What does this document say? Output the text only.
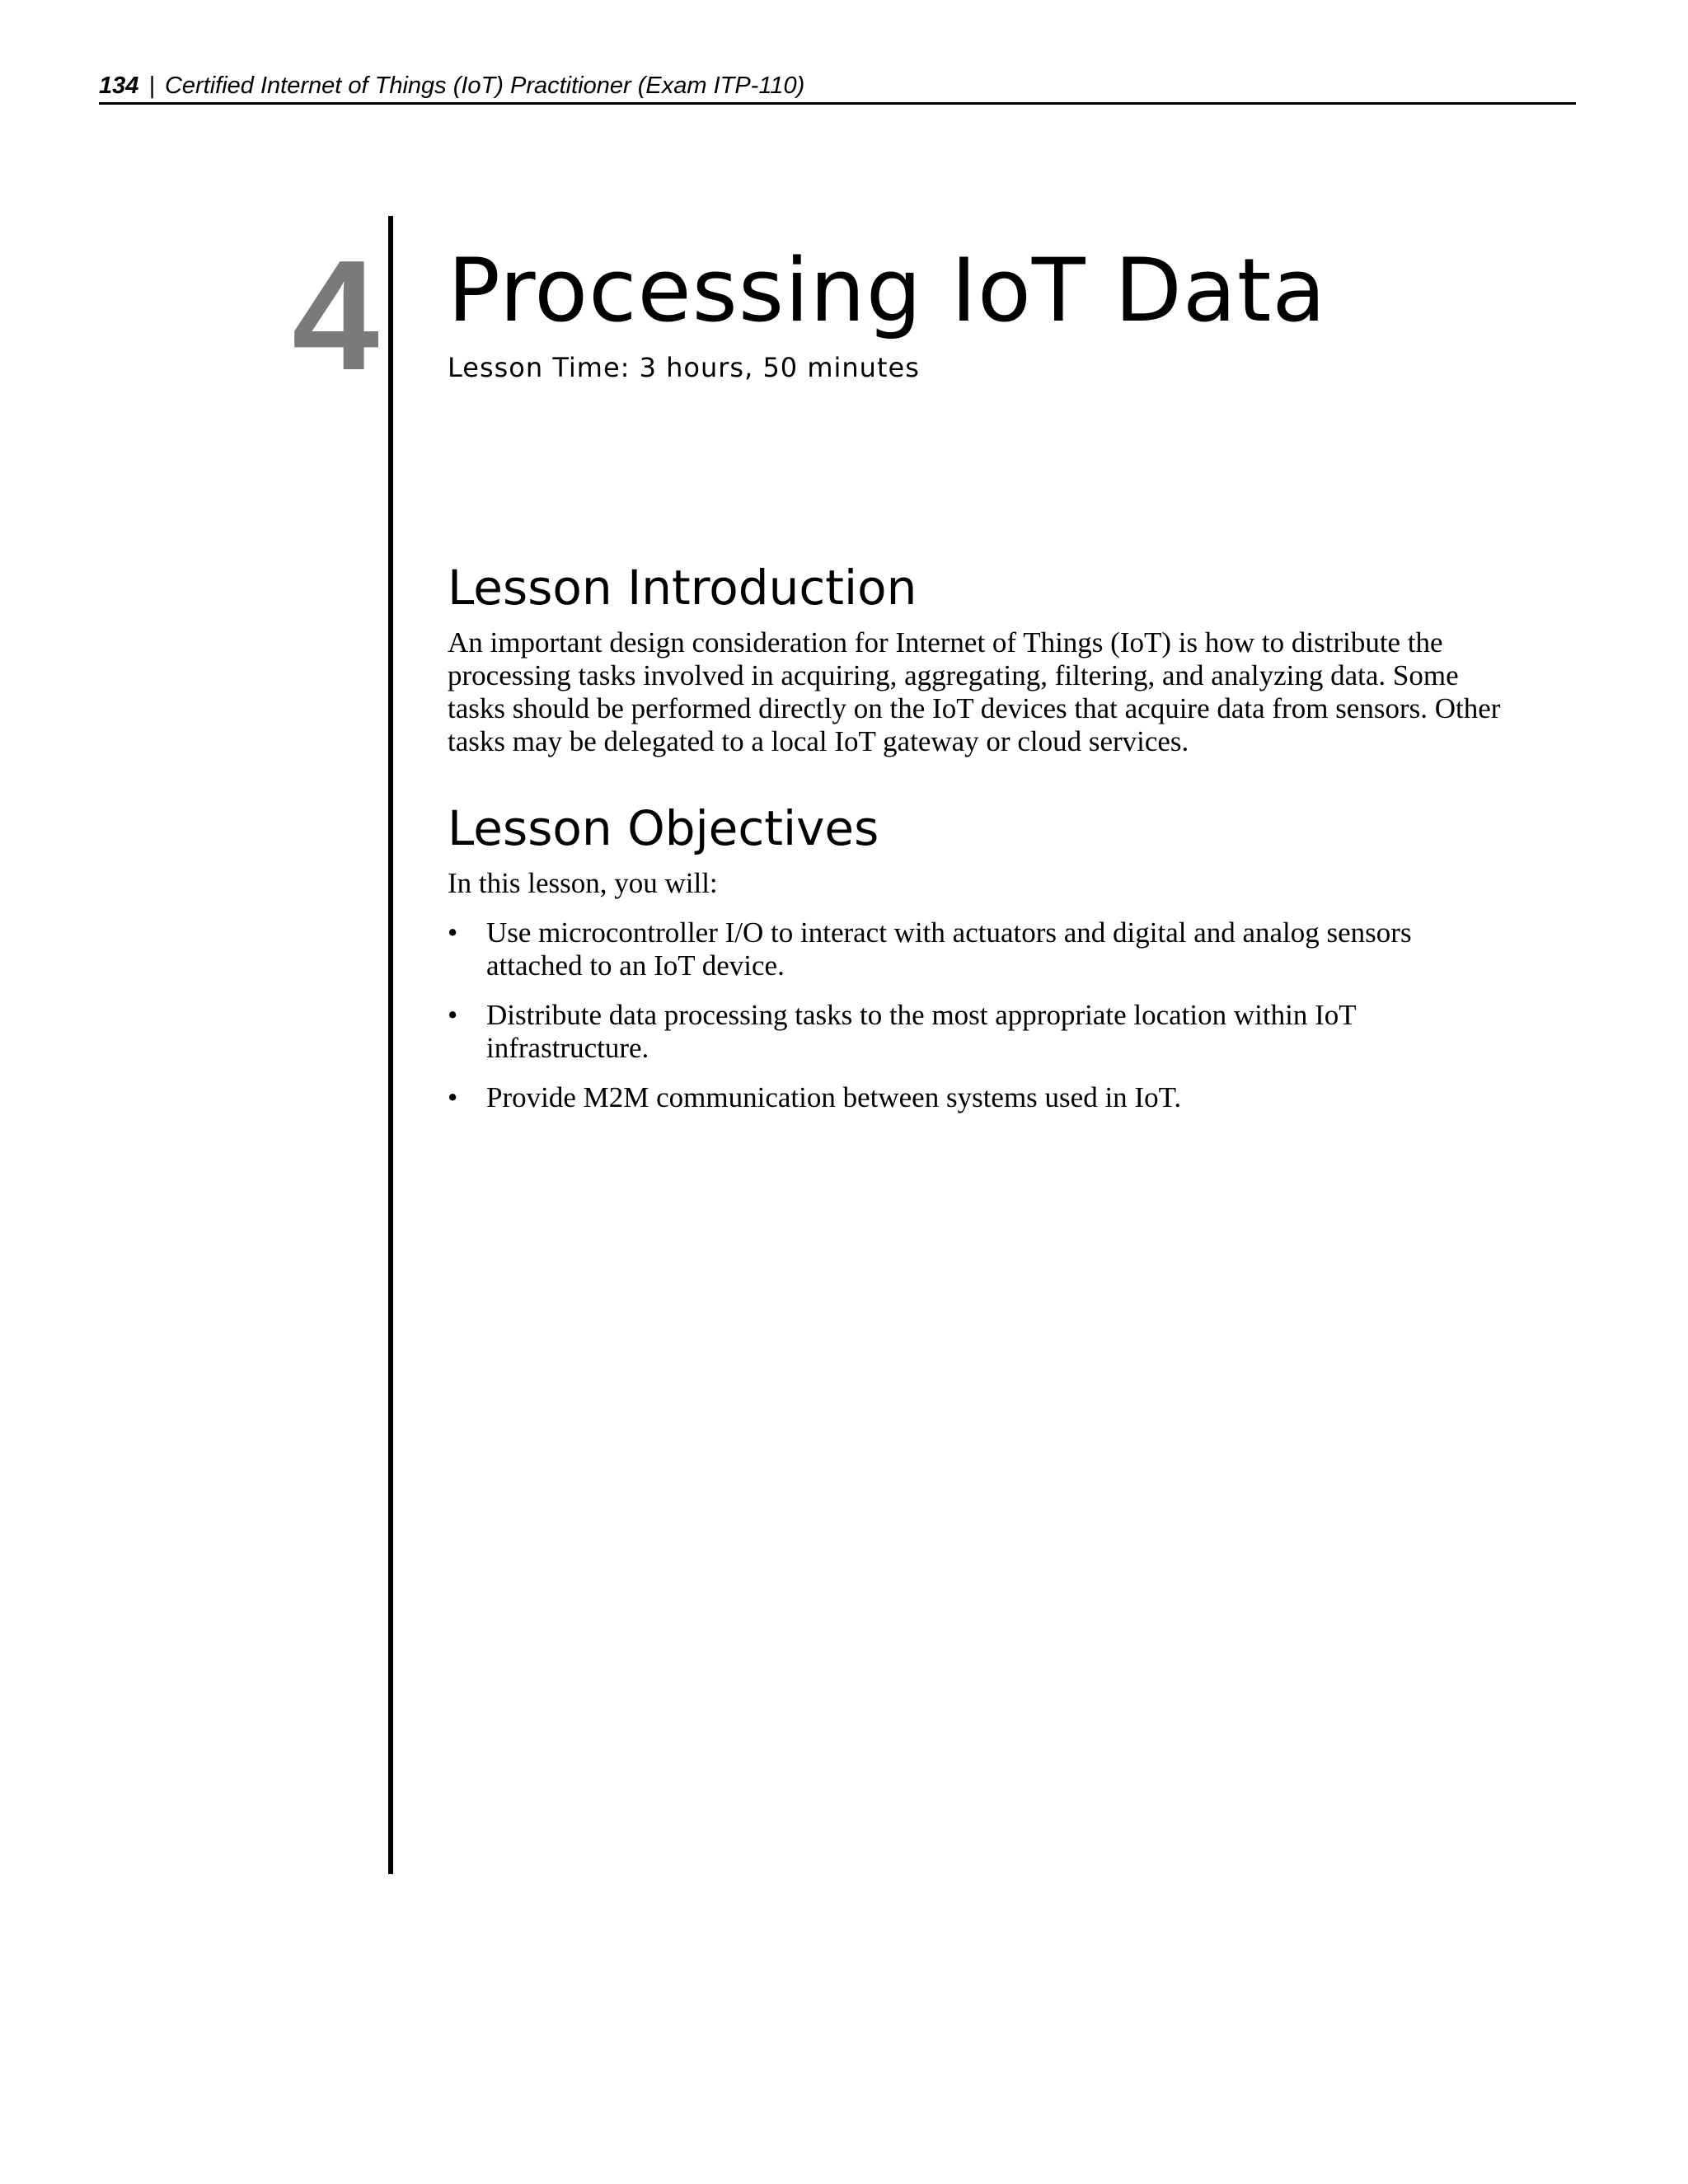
134 | Certified Internet of Things (IoT) Practitioner (Exam ITP-110)
4 Processing IoT Data
Lesson Time: 3 hours, 50 minutes
Lesson Introduction

An important design consideration for Internet of Things (IoT) is how to distribute the processing tasks involved in acquiring, aggregating, filtering, and analyzing data. Some tasks should be performed directly on the IoT devices that acquire data from sensors. Other tasks may be delegated to a local IoT gateway or cloud services.

Lesson Objectives

In this lesson, you will:

• Use microcontroller I/O to interact with actuators and digital and analog sensors attached to an IoT device.
• Distribute data processing tasks to the most appropriate location within IoT infrastructure.
• Provide M2M communication between systems used in IoT.
